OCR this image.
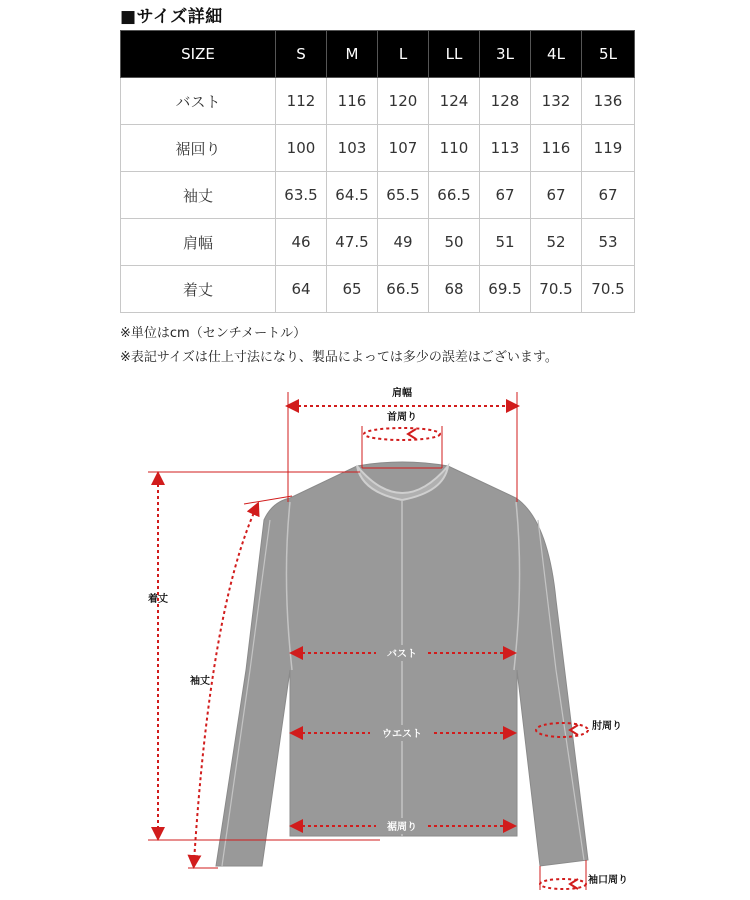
■サイズ詳細
SIZE	S	M	L	LL	3L	4L	5L
バスト	112	116	120	124	128	132	136
裾回り	100	103	107	110	113	116	119
袖丈	63.5	64.5	65.5	66.5	67	67	67
肩幅	46	47.5	49	50	51	52	53
着丈	64	65	66.5	68	69.5	70.5	70.5
※単位はcm（センチメートル）
※表記サイズは仕上寸法になり、製品によっては多少の誤差はございます。
肩幅
首周り
着丈
袖丈
バスト
ウエスト
裾周り
肘周り
袖口周り
